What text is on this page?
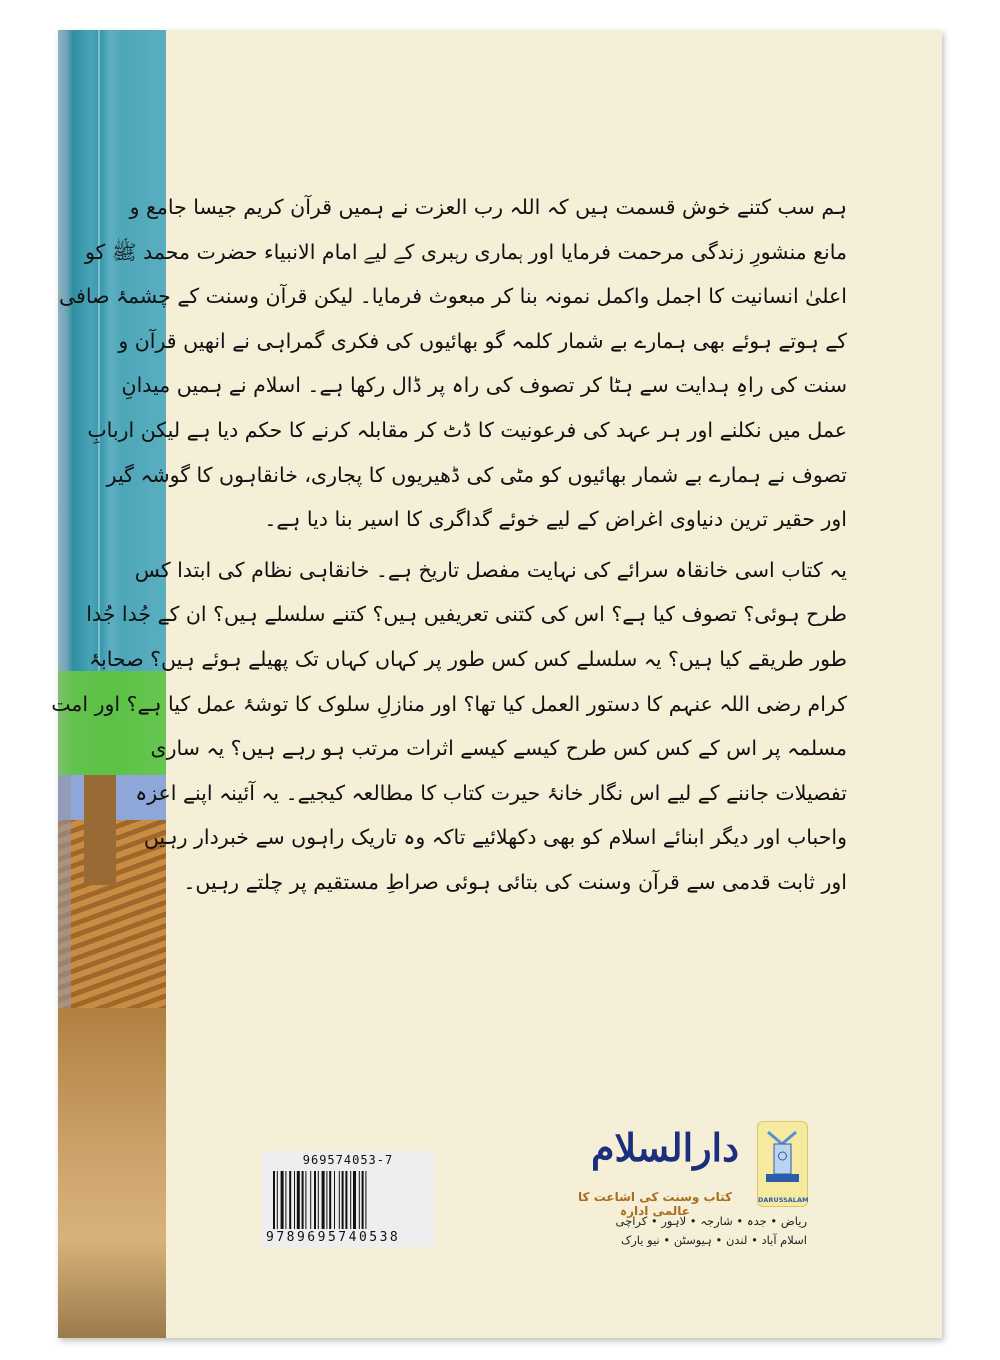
ہم سب کتنے خوش قسمت ہیں کہ اللہ رب العزت نے ہمیں قرآن کریم جیسا جامع و
مانع منشورِ زندگی مرحمت فرمایا اور ہماری رہبری کے لیے امام الانبیاء حضرت محمد ﷺ کو
اعلیٰ انسانیت کا اجمل واکمل نمونہ بنا کر مبعوث فرمایا۔ لیکن قرآن وسنت کے چشمۂ صافی
کے ہوتے ہوئے بھی ہمارے بے شمار کلمہ گو بھائیوں کی فکری گمراہی نے انھیں قرآن و
سنت کی راہِ ہدایت سے ہٹا کر تصوف کی راہ پر ڈال رکھا ہے۔ اسلام نے ہمیں میدانِ
عمل میں نکلنے اور ہر عہد کی فرعونیت کا ڈٹ کر مقابلہ کرنے کا حکم دیا ہے لیکن اربابِ
تصوف نے ہمارے بے شمار بھائیوں کو مٹی کی ڈھیریوں کا پجاری، خانقاہوں کا گوشہ گیر
اور حقیر ترین دنیاوی اغراض کے لیے خوئے گداگری کا اسیر بنا دیا ہے۔
یہ کتاب اسی خانقاہ سرائے کی نہایت مفصل تاریخ ہے۔ خانقاہی نظام کی ابتدا کس
طرح ہوئی؟ تصوف کیا ہے؟ اس کی کتنی تعریفیں ہیں؟ کتنے سلسلے ہیں؟ ان کے جُدا جُدا
طور طریقے کیا ہیں؟ یہ سلسلے کس کس طور پر کہاں کہاں تک پھیلے ہوئے ہیں؟ صحابۂ
کرام رضی اللہ عنہم کا دستور العمل کیا تھا؟ اور منازلِ سلوک کا توشۂ عمل کیا ہے؟ اور امت
مسلمہ پر اس کے کس کس طرح کیسے کیسے اثرات مرتب ہو رہے ہیں؟ یہ ساری
تفصیلات جاننے کے لیے اس نگار خانۂ حیرت کتاب کا مطالعہ کیجیے۔ یہ آئینہ اپنے اعزہ
واحباب اور دیگر ابنائے اسلام کو بھی دکھلائیے تاکہ وہ تاریک راہوں سے خبردار رہیں
اور ثابت قدمی سے قرآن وسنت کی بتائی ہوئی صراطِ مستقیم پر چلتے رہیں۔
969574053-7
9789695740538
دارالسلام
کتاب وسنت کی اشاعت کا عالمی ادارہ
DARUSSALAM
ریاض • جدہ • شارجہ • لاہور • کراچی
اسلام آباد • لندن • ہیوسٹن • نیو یارک
